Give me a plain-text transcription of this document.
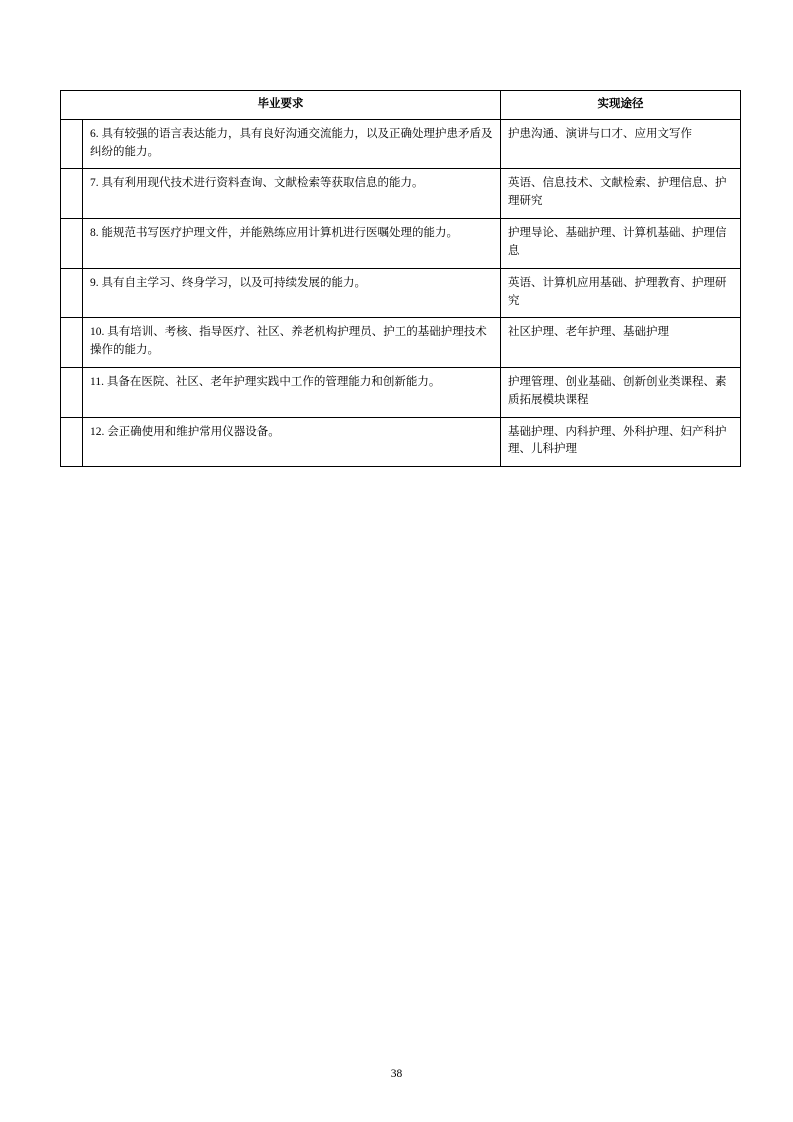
毕业要求		实现途径
	6. 具有较强的语言表达能力，具有良好沟通交流能力，以及正确处理护患矛盾及纠纷的能力。	护患沟通、演讲与口才、应用文写作
	7. 具有利用现代技术进行资料查询、文献检索等获取信息的能力。	英语、信息技术、文献检索、护理信息、护理研究
	8. 能规范书写医疗护理文件，并能熟练应用计算机进行医嘱处理的能力。	护理导论、基础护理、计算机基础、护理信息
	9. 具有自主学习、终身学习，以及可持续发展的能力。	英语、计算机应用基础、护理教育、护理研究
	10. 具有培训、考核、指导医疗、社区、养老机构护理员、护工的基础护理技术操作的能力。	社区护理、老年护理、基础护理
	11. 具备在医院、社区、老年护理实践中工作的管理能力和创新能力。	护理管理、创业基础、创新创业类课程、素质拓展模块课程
	12. 会正确使用和维护常用仪器设备。	基础护理、内科护理、外科护理、妇产科护理、儿科护理
38
